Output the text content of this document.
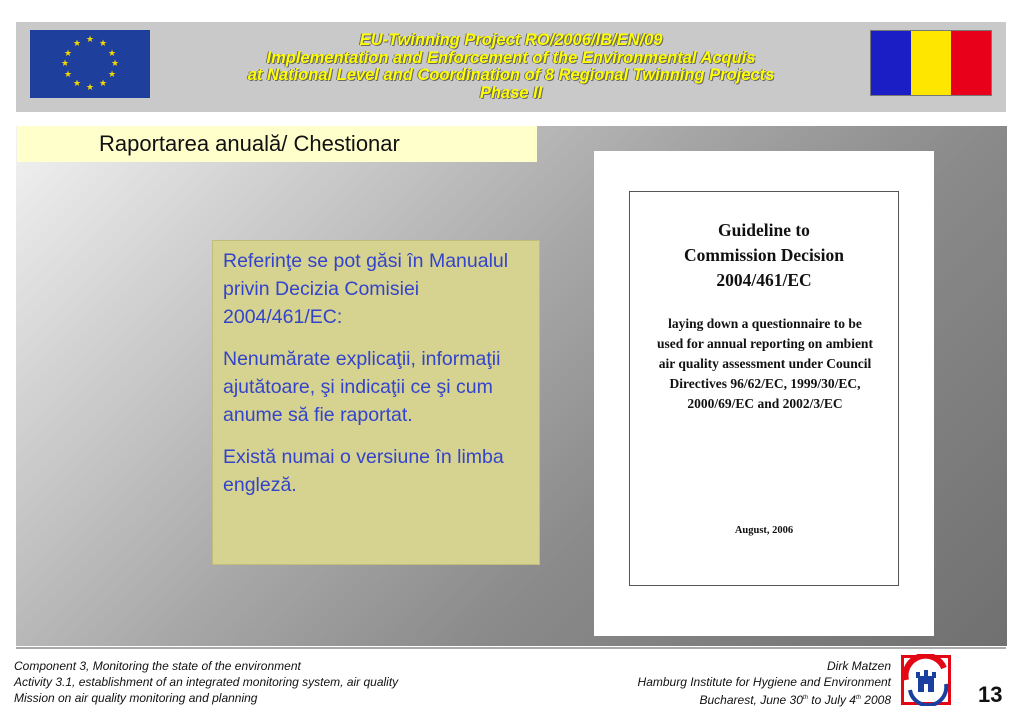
★ ★
★
★
★
★
★
★
★
★
★
★	EU-Twinning Project RO/2006/IB/EN/09
Implementation and Enforcement of the Environmental Acquis
at National Level and Coordination of 8 Regional Twinning Projects
Phase II
Raportarea anuală/ Chestionar

Referinţe se pot găsi în Manualul privin Decizia Comisiei 2004/461/EC:

Nenumărate explicaţii, informaţii ajutătoare, şi indicaţii ce şi cum anume să fie raportat.

Există numai o versiune în limba engleză.

Guideline to
Commission Decision
2004/461/EC
laying down a questionnaire to be
used for annual reporting on ambient
air quality assessment under Council
Directives 96/62/EC, 1999/30/EC,
2000/69/EC and 2002/3/EC
August, 2006
Component 3, Monitoring the state of the environment
Activity 3.1, establishment of an integrated monitoring system, air quality
Mission on air quality monitoring and planning
Dirk Matzen
Hamburg Institute for Hygiene and Environment
Bucharest, June 30th to July 4th 2008	13
